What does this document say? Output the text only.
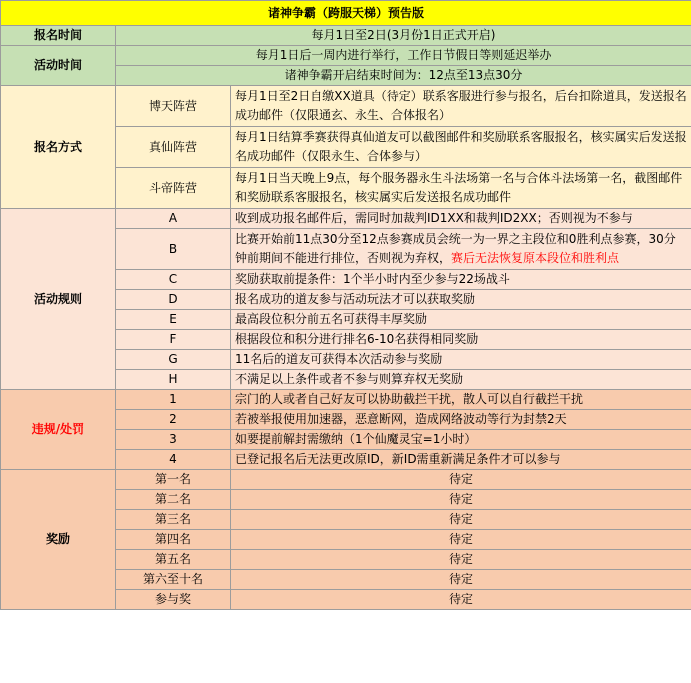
诸神争霸（跨服天梯）预告版		
报名时间	每月1日至2日(3月份1日正式开启)	
活动时间	每月1日后一周内进行举行，工作日节假日等则延迟举办	
	诸神争霸开启结束时间为：12点至13点30分	
报名方式	博天阵营	每月1日至2日自缴XX道具（待定）联系客服进行参与报名，后台扣除道具，发送报名成功邮件（仅限通玄、永生、合体报名）
	真仙阵营	每月1日结算季赛获得真仙道友可以截图邮件和奖励联系客服报名，核实属实后发送报名成功邮件（仅限永生、合体参与）
	斗帝阵营	每月1日当天晚上9点，每个服务器永生斗法场第一名与合体斗法场第一名，截图邮件和奖励联系客服报名，核实属实后发送报名成功邮件
活动规则	A	收到成功报名邮件后，需同时加裁判ID1XX和裁判ID2XX；否则视为不参与
	B	比赛开始前11点30分至12点参赛成员会统一为一界之主段位和0胜利点参赛，30分钟前期间不能进行排位，否则视为弃权，赛后无法恢复原本段位和胜利点
	C	奖励获取前提条件：1个半小时内至少参与22场战斗
	D	报名成功的道友参与活动玩法才可以获取奖励
	E	最高段位积分前五名可获得丰厚奖励
	F	根据段位和积分进行排名6-10名获得相同奖励
	G	11名后的道友可获得本次活动参与奖励
	H	不满足以上条件或者不参与则算弃权无奖励
违规/处罚	1	宗门的人或者自己好友可以协助截拦干扰，散人可以自行截拦干扰
	2	若被举报使用加速器，恶意断网，造成网络波动等行为封禁2天
	3	如要提前解封需缴纳（1个仙魔灵宝=1小时）
	4	已登记报名后无法更改原ID，新ID需重新满足条件才可以参与
奖励	第一名	待定
	第二名	待定
	第三名	待定
	第四名	待定
	第五名	待定
	第六至十名	待定
	参与奖	待定
